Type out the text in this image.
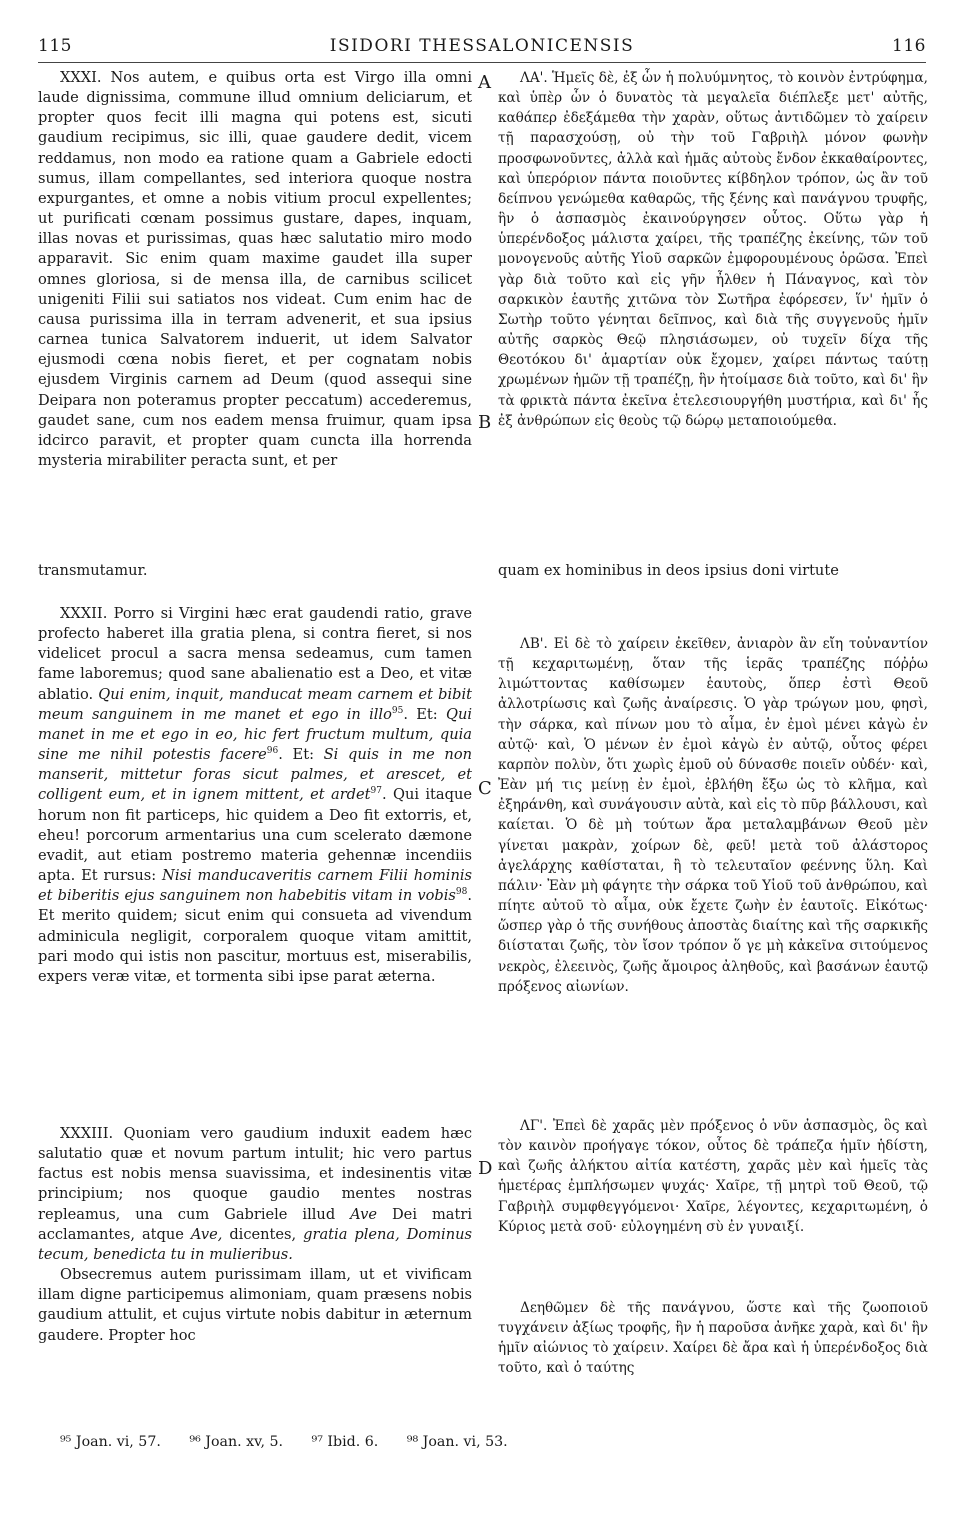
115	ISIDORI THESSALONICENSIS	116
A
B
C
D

XXXI. Nos autem, e quibus orta est Virgo illa omni laude dignissima, commune illud omnium deliciarum, et propter quos fecit illi magna qui potens est, sicuti gaudium recipimus, sic illi, quae gaudere dedit, vicem reddamus, non modo ea ratione quam a Gabriele edocti sumus, illam compellantes, sed interiora quoque nostra expurgantes, et omne a nobis vitium procul expellentes; ut purificati cœnam possimus gustare, dapes, inquam, illas novas et purissimas, quas hæc salutatio miro modo apparavit. Sic enim quam maxime gaudet illa super omnes gloriosa, si de mensa illa, de carnibus scilicet unigeniti Filii sui satiatos nos videat. Cum enim hac de causa purissima illa in terram advenerit, et sua ipsius carnea tunica Salvatorem induerit, ut idem Salvator ejusmodi cœna nobis fieret, et per cognatam nobis ejusdem Virginis carnem ad Deum (quod assequi sine Deipara non poteramus propter peccatum) accederemus, gaudet sane, cum nos eadem mensa fruimur, quam ipsa idcirco paravit, et propter quam cuncta illa horrenda mysteria mirabiliter peracta sunt, et per

transmutamur.	quam ex hominibus in deos ipsius doni virtute

XXXII. Porro si Virgini hæc erat gaudendi ratio, grave profecto haberet illa gratia plena, si contra fieret, si nos videlicet procul a sacra mensa sedeamus, cum tamen fame laboremus; quod sane abalienatio est a Deo, et vitæ ablatio. Qui enim, inquit, manducat meam carnem et bibit meum sanguinem in me manet et ego in illo$^{95}$. Et: Qui manet in me et ego in eo, hic fert fructum multum, quia sine me nihil potestis facere$^{96}$. Et: Si quis in me non manserit, mittetur foras sicut palmes, et arescet, et colligent eum, et in ignem mittent, et ardet$^{97}$. Qui itaque horum non fit particeps, hic quidem a Deo fit extorris, et, eheu! porcorum armentarius una cum scelerato dæmone evadit, aut etiam postremo materia gehennæ incendiis apta. Et rursus: Nisi manducaveritis carnem Filii hominis et biberitis ejus sanguinem non habebitis vitam in vobis$^{98}$. Et merito quidem; sicut enim qui consueta ad vivendum adminicula negligit, corporalem quoque vitam amittit, pari modo qui istis non pascitur, mortuus est, miserabilis, expers veræ vitæ, et tormenta sibi ipse parat æterna.

XXXIII. Quoniam vero gaudium induxit eadem hæc salutatio quæ et novum partum intulit; hic vero partus factus est nobis mensa suavissima, et indesinentis vitæ principium; nos quoque gaudio mentes nostras repleamus, una cum Gabriele illud Ave Dei matri acclamantes, atque Ave, dicentes, gratia plena, Dominus tecum, benedicta tu in mulieribus.

Obsecremus autem purissimam illam, ut et vivificam illam digne participemus alimoniam, quam præsens nobis gaudium attulit, et cujus virtute nobis dabitur in æternum gaudere. Propter hoc

ΛΑ'. Ἡμεῖς δὲ, ἐξ ὧν ἡ πολυύμνητος, τὸ κοινὸν ἐντρύφημα, καὶ ὑπὲρ ὧν ὁ δυνατὸς τὰ μεγαλεῖα διέπλεξε μετ' αὐτῆς, καθάπερ ἐδεξάμεθα τὴν χαρὰν, οὕτως ἀντιδῶμεν τὸ χαίρειν τῇ παρασχούσῃ, οὐ τὴν τοῦ Γαβριὴλ μόνον φωνὴν προσφωνοῦντες, ἀλλὰ καὶ ἡμᾶς αὐτοὺς ἔνδον ἐκκαθαίροντες, καὶ ὑπερόριον πάντα ποιοῦντες κίβδηλον τρόπον, ὡς ἂν τοῦ δείπνου γενώμεθα καθαρῶς, τῆς ξένης καὶ πανάγνου τρυφῆς, ἣν ὁ ἀσπασμὸς ἐκαινούργησεν οὗτος. Οὕτω γὰρ ἡ ὑπερένδοξος μάλιστα χαίρει, τῆς τραπέζης ἐκείνης, τῶν τοῦ μονογενοῦς αὐτῆς Υἱοῦ σαρκῶν ἐμφορουμένους ὁρῶσα. Ἐπεὶ γὰρ διὰ τοῦτο καὶ εἰς γῆν ἦλθεν ἡ Πάναγνος, καὶ τὸν σαρκικὸν ἑαυτῆς χιτῶνα τὸν Σωτῆρα ἐφόρεσεν, ἵν' ἡμῖν ὁ Σωτὴρ τοῦτο γένηται δεῖπνος, καὶ διὰ τῆς συγγενοῦς ἡμῖν αὐτῆς σαρκὸς Θεῷ πλησιάσωμεν, οὐ τυχεῖν δίχα τῆς Θεοτόκου δι' ἁμαρτίαν οὐκ ἔχομεν, χαίρει πάντως ταύτῃ χρωμένων ἡμῶν τῇ τραπέζῃ, ἣν ἡτοίμασε διὰ τοῦτο, καὶ δι' ἣν τὰ φρικτὰ πάντα ἐκεῖνα ἐτελεσιουργήθη μυστήρια, καὶ δι' ἧς ἐξ ἀνθρώπων εἰς θεοὺς τῷ δώρῳ μεταποιούμεθα.

ΛΒ'. Εἰ δὲ τὸ χαίρειν ἐκεῖθεν, ἀνιαρὸν ἂν εἴη τοὐναντίον τῇ κεχαριτωμένῃ, ὅταν τῆς ἱερᾶς τραπέζης πόῤῥω λιμώττοντας καθίσωμεν ἑαυτοὺς, ὅπερ ἐστὶ Θεοῦ ἀλλοτρίωσις καὶ ζωῆς ἀναίρεσις. Ὁ γὰρ τρώγων μου, φησὶ, τὴν σάρκα, καὶ πίνων μου τὸ αἷμα, ἐν ἐμοὶ μένει κἀγὼ ἐν αὐτῷ· καὶ, Ὁ μένων ἐν ἐμοὶ κἀγὼ ἐν αὐτῷ, οὗτος φέρει καρπὸν πολὺν, ὅτι χωρὶς ἐμοῦ οὐ δύνασθε ποιεῖν οὐδέν· καὶ, Ἐὰν μή τις μείνῃ ἐν ἐμοὶ, ἐβλήθη ἔξω ὡς τὸ κλῆμα, καὶ ἐξηράνθη, καὶ συνάγουσιν αὐτὰ, καὶ εἰς τὸ πῦρ βάλλουσι, καὶ καίεται. Ὁ δὲ μὴ τούτων ἄρα μεταλαμβάνων Θεοῦ μὲν γίνεται μακρὰν, χοίρων δὲ, φεῦ! μετὰ τοῦ ἀλάστορος ἀγελάρχης καθίσταται, ἢ τὸ τελευταῖον φεέννης ὕλη. Καὶ πάλιν· Ἐὰν μὴ φάγητε τὴν σάρκα τοῦ Υἱοῦ τοῦ ἀνθρώπου, καὶ πίητε αὐτοῦ τὸ αἷμα, οὐκ ἔχετε ζωὴν ἐν ἑαυτοῖς. Εἰκότως· ὥσπερ γὰρ ὁ τῆς συνήθους ἀποστὰς διαίτης καὶ τῆς σαρκικῆς διίσταται ζωῆς, τὸν ἴσον τρόπον ὅ γε μὴ κἀκεῖνα σιτούμενος νεκρὸς, ἐλεεινὸς, ζωῆς ἄμοιρος ἀληθοῦς, καὶ βασάνων ἑαυτῷ πρόξενος αἰωνίων.

ΛΓ'. Ἐπεὶ δὲ χαρᾶς μὲν πρόξενος ὁ νῦν ἀσπασμὸς, ὃς καὶ τὸν καινὸν προήγαγε τόκον, οὗτος δὲ τράπεζα ἡμῖν ἡδίστη, καὶ ζωῆς ἀλήκτου αἰτία κατέστη, χαρᾶς μὲν καὶ ἡμεῖς τὰς ἡμετέρας ἐμπλήσωμεν ψυχάς· Χαῖρε, τῇ μητρὶ τοῦ Θεοῦ, τῷ Γαβριὴλ συμφθεγγόμενοι· Χαῖρε, λέγοντες, κεχαριτωμένη, ὁ Κύριος μετὰ σοῦ· εὐλογημένη σὺ ἐν γυναιξί.

Δεηθῶμεν δὲ τῆς πανάγνου, ὥστε καὶ τῆς ζωοποιοῦ τυγχάνειν ἀξίως τροφῆς, ἣν ἡ παροῦσα ἀνῆκε χαρὰ, καὶ δι' ἣν ἡμῖν αἰώνιος τὸ χαίρειν. Χαίρει δὲ ἄρα καὶ ἡ ὑπερένδοξος διὰ τοῦτο, καὶ ὁ ταύτης

⁹⁵ Joan. vi, 57. ⁹⁶ Joan. xv, 5. ⁹⁷ Ibid. 6. ⁹⁸ Joan. vi, 53.
